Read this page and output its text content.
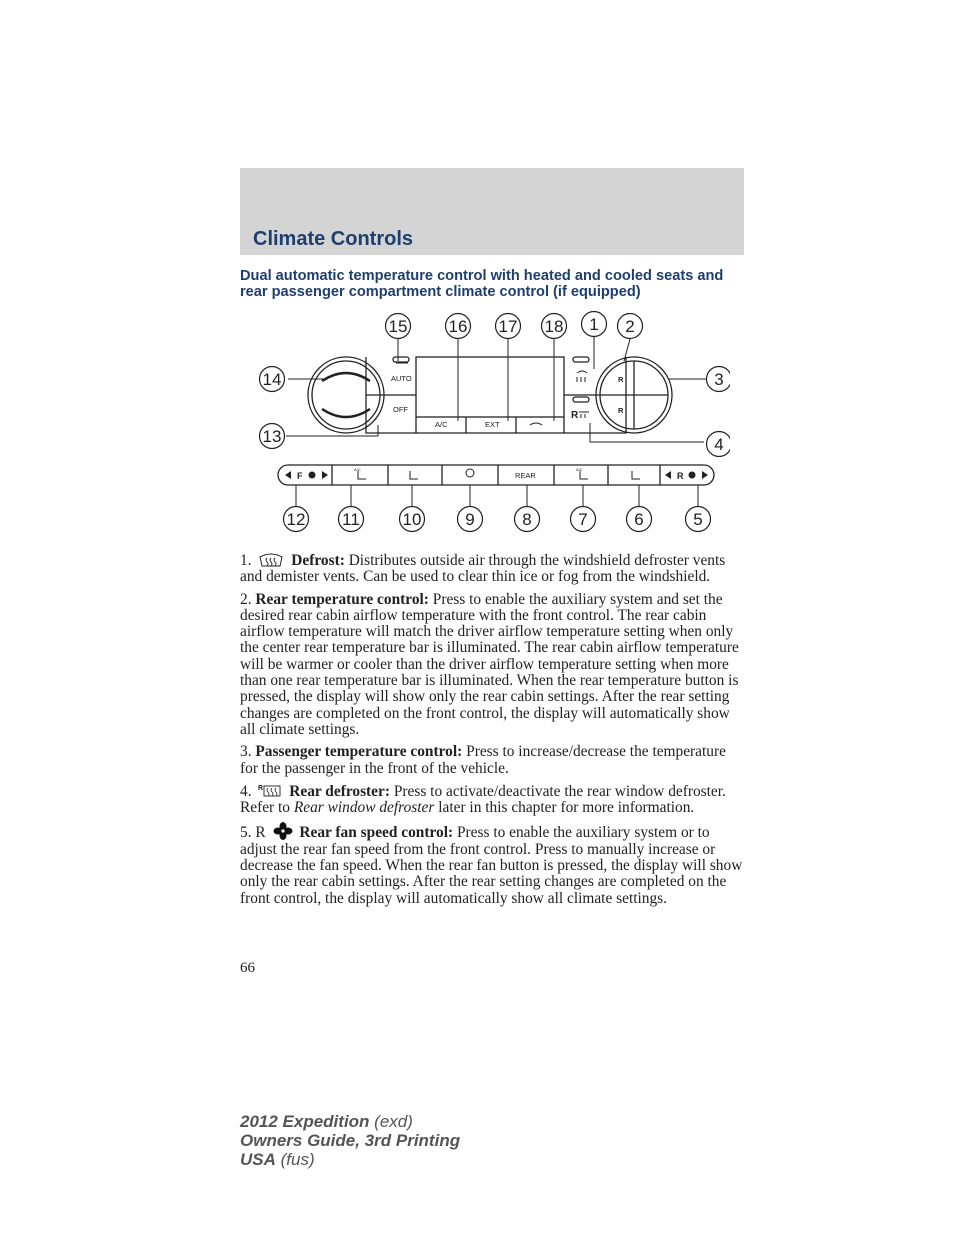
Climate Controls

Dual automatic temperature control with heated and cooled seats and rear passenger compartment climate control (if equipped)

AUTO
OFF
A/C	EXT
REAR
R
R
R
F	R
A/C	A/C
15 16 17 18 1 2
14
13
3
4
12 11	10	9	8	7	6	5

1.	Defrost: Distributes outside air through the windshield defroster vents and demister vents. Can be used to clear thin ice or fog from the windshield.

2. Rear temperature control: Press to enable the auxiliary system and set the desired rear cabin airflow temperature with the front control. The rear cabin airflow temperature will match the driver airflow temperature setting when only the center rear temperature bar is illuminated. The rear cabin airflow temperature will be warmer or cooler than the driver airflow temperature setting when more than one rear temperature bar is illuminated. When the rear temperature button is pressed, the display will show only the rear cabin settings. After the rear setting changes are completed on the front control, the display will automatically show all climate settings.

3. Passenger temperature control: Press to increase/decrease the temperature for the passenger in the front of the vehicle.

4. R Rear defroster: Press to activate/deactivate the rear window defroster. Refer to Rear window defroster later in this chapter for more information.

5. R Rear fan speed control: Press to enable the auxiliary system or to adjust the rear fan speed from the front control. Press to manually increase or decrease the fan speed. When the rear fan button is pressed, the display will show only the rear cabin settings. After the rear setting changes are completed on the front control, the display will automatically show all climate settings.

66

2012 Expedition (exd)
Owners Guide, 3rd Printing
USA (fus)
